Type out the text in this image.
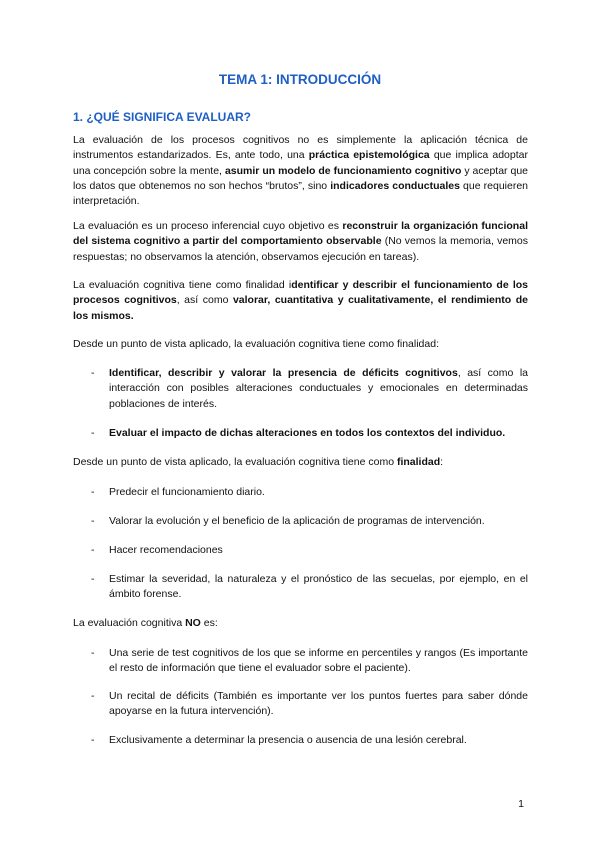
TEMA 1: INTRODUCCIÓN
1. ¿QUÉ SIGNIFICA EVALUAR?

La evaluación de los procesos cognitivos no es simplemente la aplicación técnica de instrumentos estandarizados. Es, ante todo, una práctica epistemológica que implica adoptar una concepción sobre la mente, asumir un modelo de funcionamiento cognitivo y aceptar que los datos que obtenemos no son hechos “brutos”, sino indicadores conductuales que requieren interpretación.

La evaluación es un proceso inferencial cuyo objetivo es reconstruir la organización funcional del sistema cognitivo a partir del comportamiento observable (No vemos la memoria, vemos respuestas; no observamos la atención, observamos ejecución en tareas).

La evaluación cognitiva tiene como finalidad identificar y describir el funcionamiento de los procesos cognitivos, así como valorar, cuantitativa y cualitativamente, el rendimiento de los mismos.

Desde un punto de vista aplicado, la evaluación cognitiva tiene como finalidad:

- Identificar, describir y valorar la presencia de déficits cognitivos, así como la interacción con posibles alteraciones conductuales y emocionales en determinadas poblaciones de interés.
- Evaluar el impacto de dichas alteraciones en todos los contextos del individuo.

Desde un punto de vista aplicado, la evaluación cognitiva tiene como finalidad:

- Predecir el funcionamiento diario.
- Valorar la evolución y el beneficio de la aplicación de programas de intervención.
- Hacer recomendaciones
- Estimar la severidad, la naturaleza y el pronóstico de las secuelas, por ejemplo, en el ámbito forense.

La evaluación cognitiva NO es:

- Una serie de test cognitivos de los que se informe en percentiles y rangos (Es importante el resto de información que tiene el evaluador sobre el paciente).
- Un recital de déficits (También es importante ver los puntos fuertes para saber dónde apoyarse en la futura intervención).
- Exclusivamente a determinar la presencia o ausencia de una lesión cerebral.
1
